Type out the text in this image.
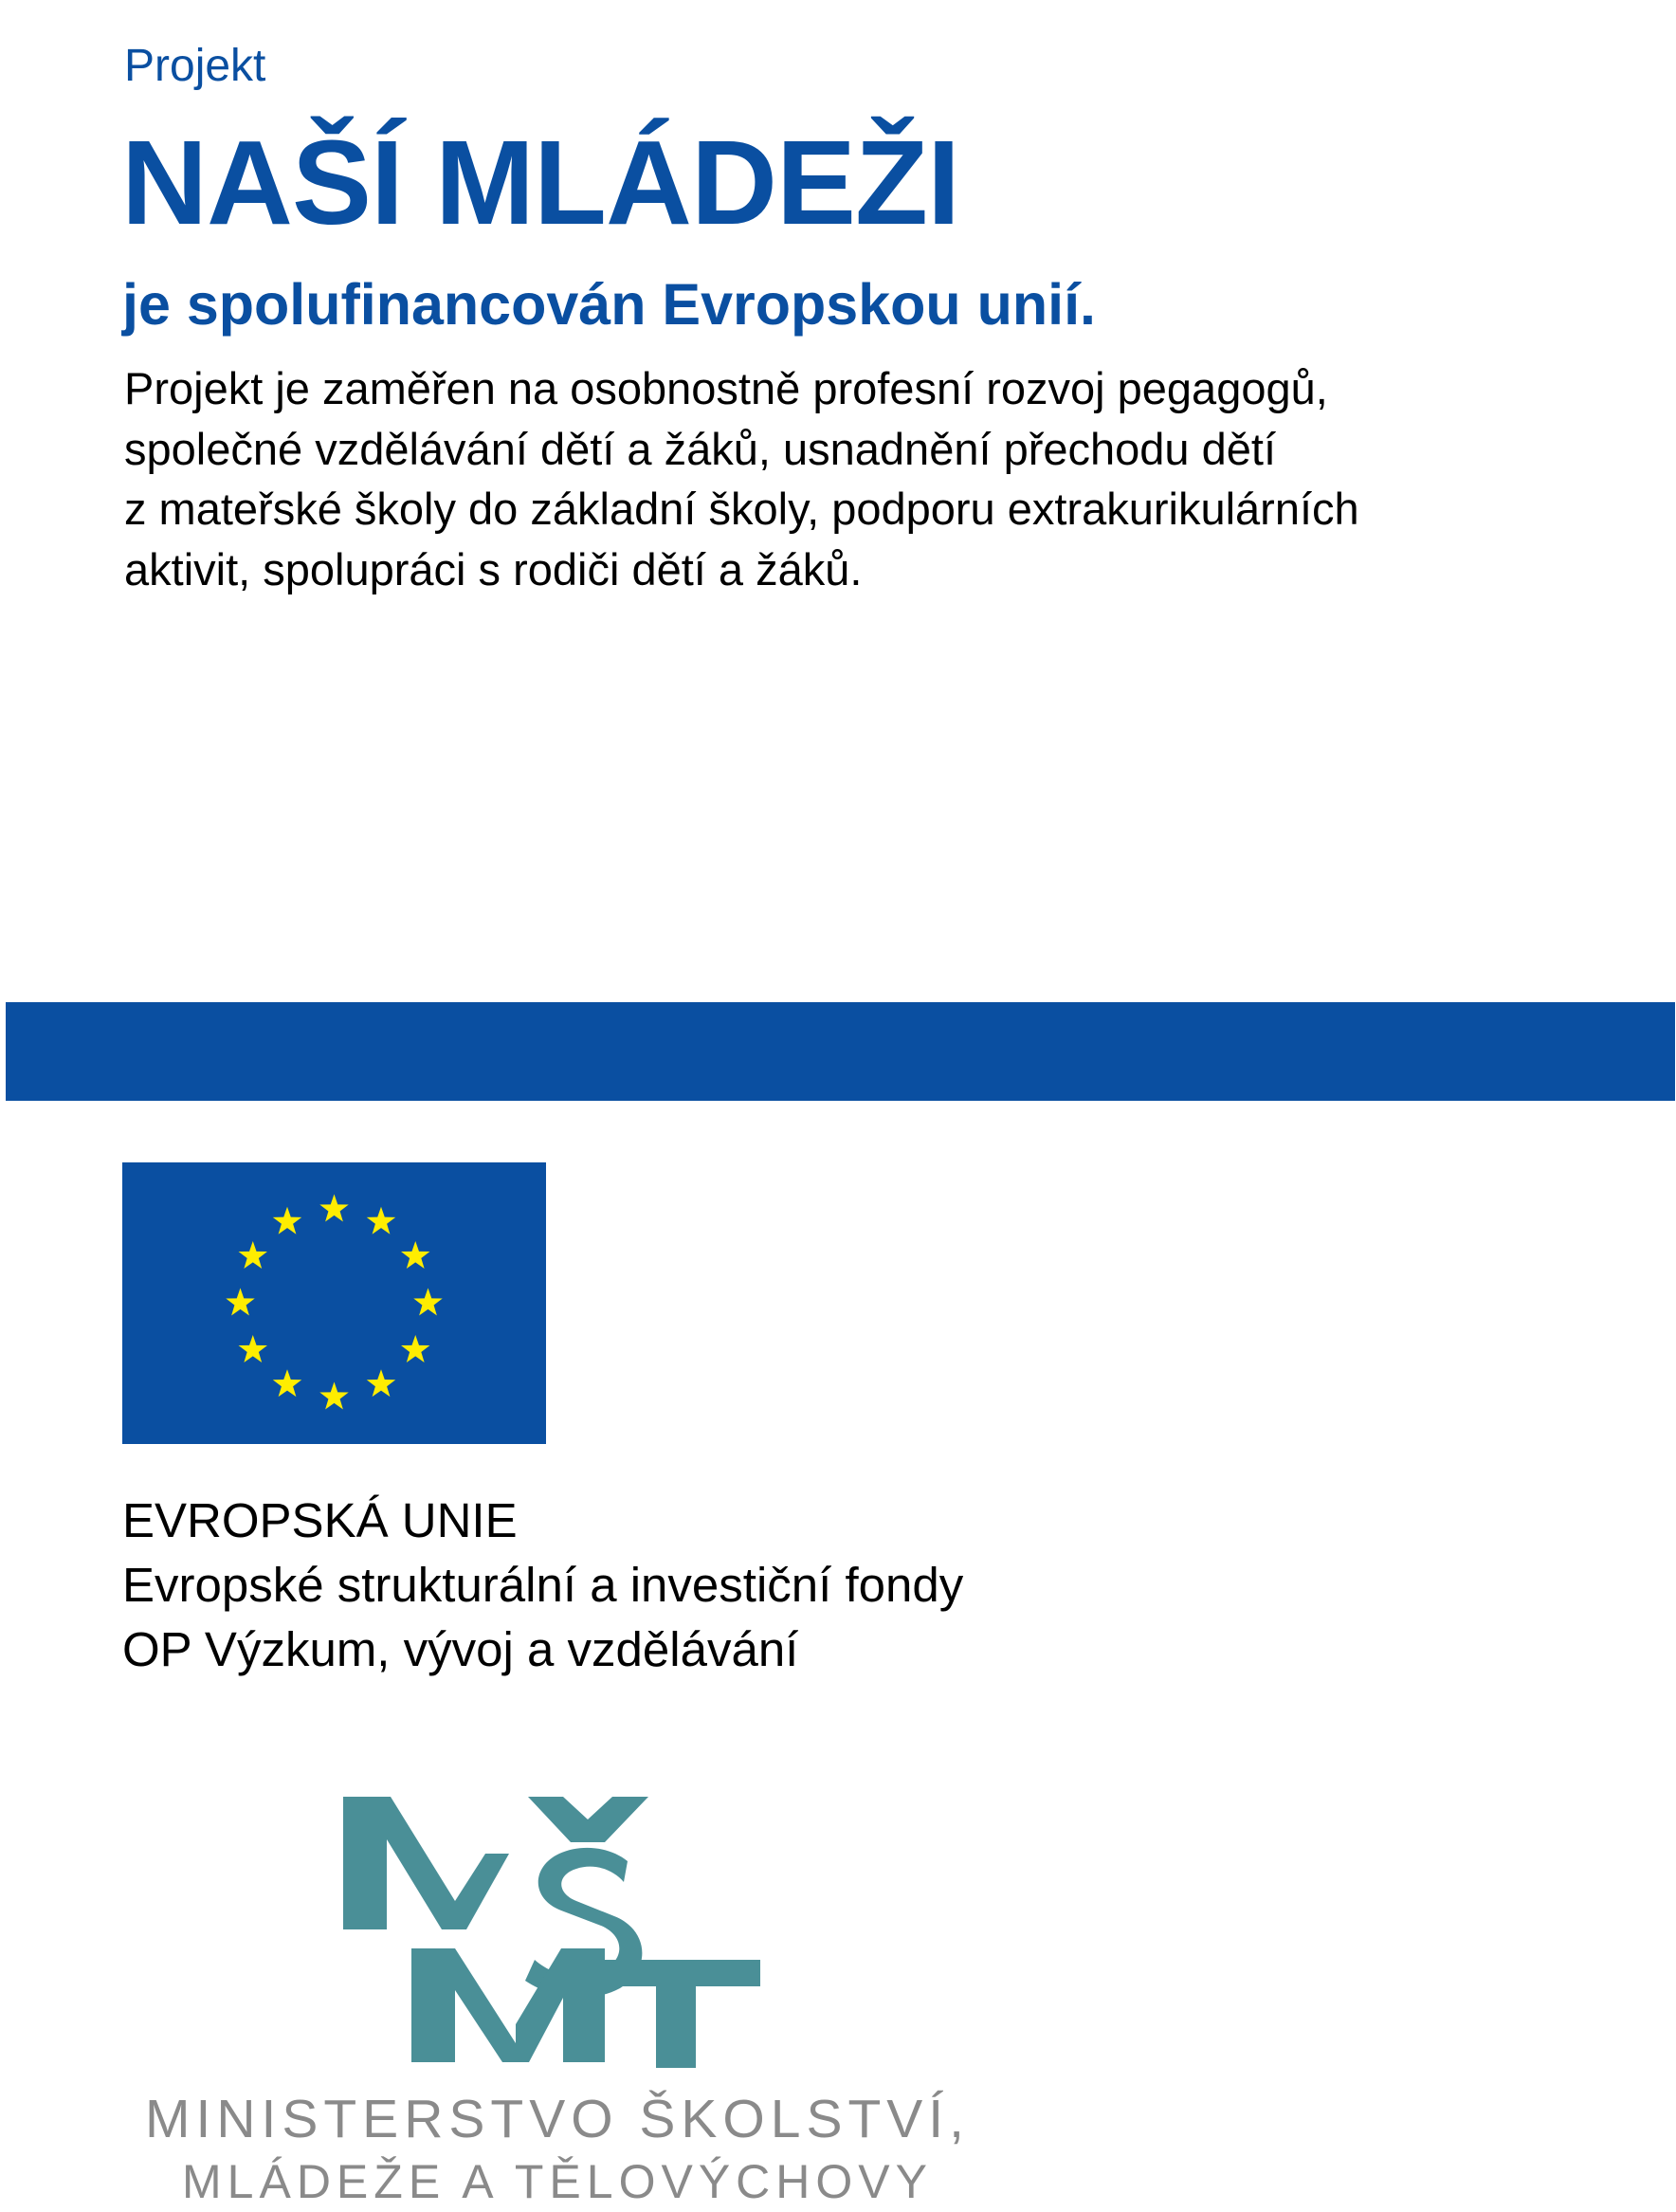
Projekt
NAŠÍ MLÁDEŽI
je spolufinancován Evropskou unií.
Projekt je zaměřen na osobnostně profesní rozvoj pegagogů,
společné vzdělávání dětí a žáků, usnadnění přechodu dětí
z mateřské školy do základní školy, podporu extrakurikulárních
aktivit, spolupráci s rodiči dětí a žáků.
EVROPSKÁ UNIE
Evropské strukturální a investiční fondy
OP Výzkum, vývoj a vzdělávání
MINISTERSTVO ŠKOLSTVÍ,
MLÁDEŽE A TĚLOVÝCHOVY
